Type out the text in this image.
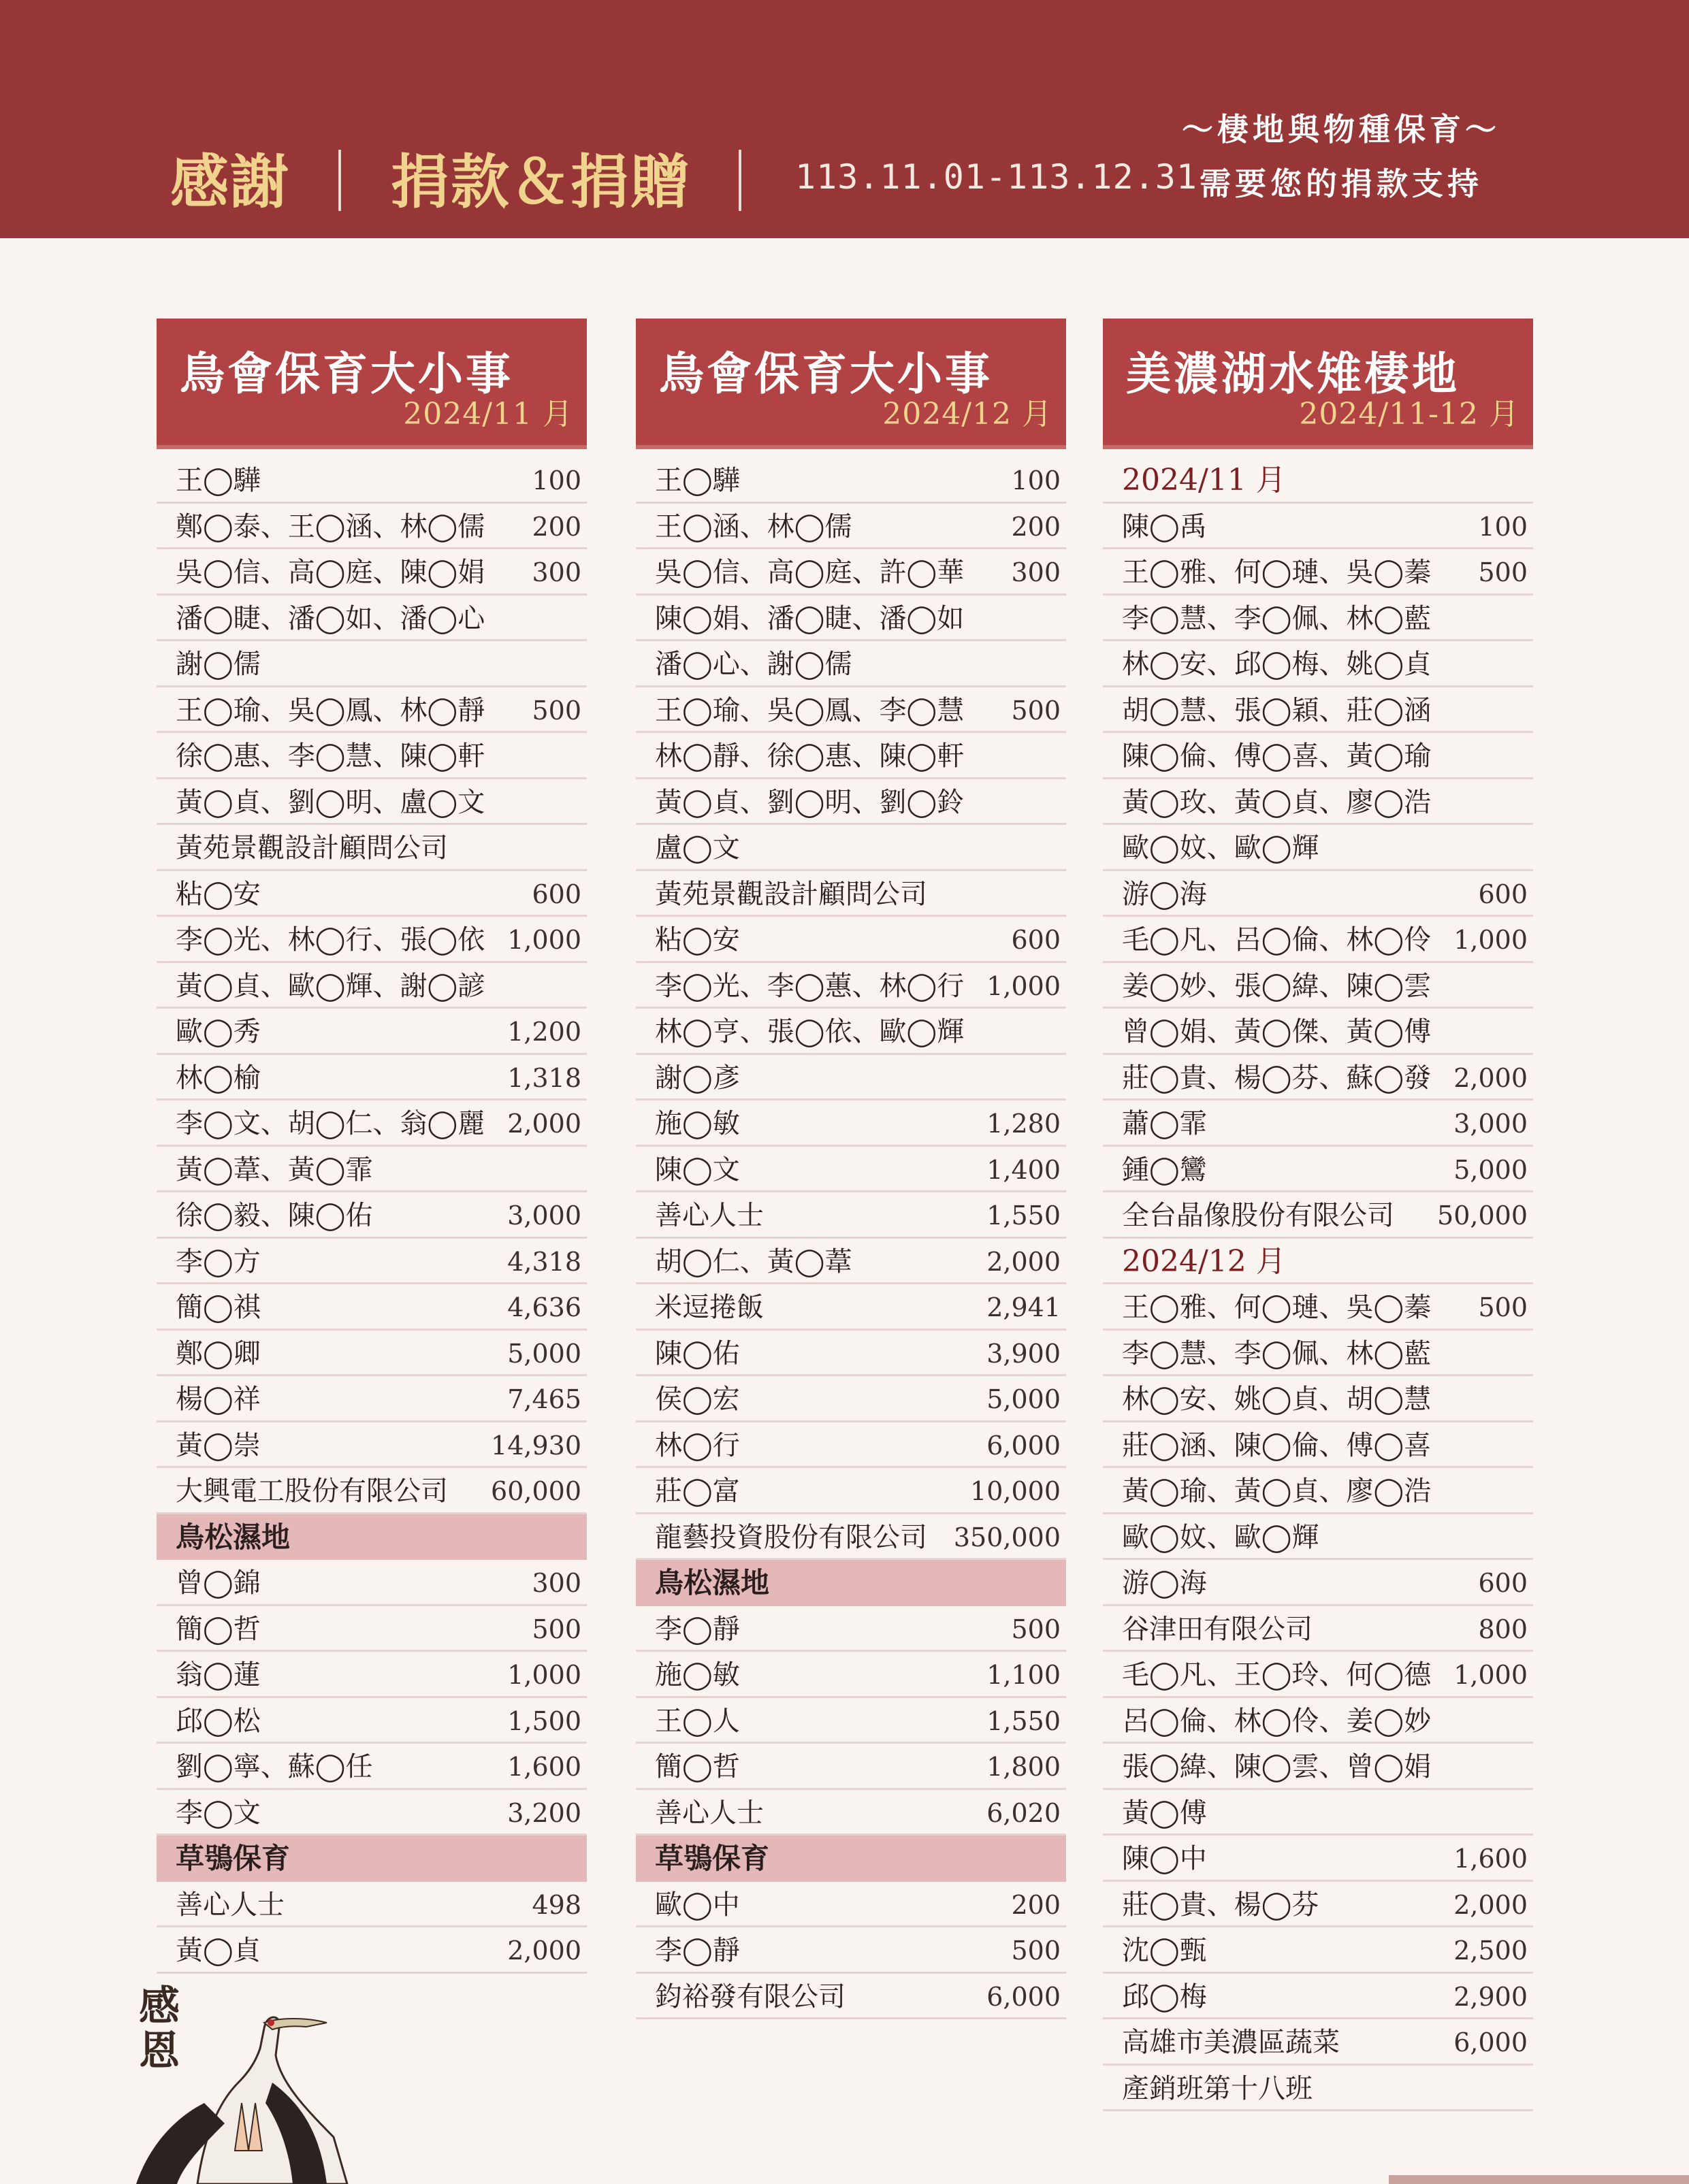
感謝 ｜ 捐款＆捐贈 ｜ 113.11.01-113.12.31
～棲地與物種保育～
需要您的捐款支持
鳥會保育大小事
2024/11 月
王◯驊	100
鄭◯泰、王◯涵、林◯儒 200
吳◯信、高◯庭、陳◯娟 300
潘◯睫、潘◯如、潘◯心
謝◯儒
王◯瑜、吳◯鳳、林◯靜 500
徐◯惠、李◯慧、陳◯軒
黃◯貞、劉◯明、盧◯文
黃苑景觀設計顧問公司
粘◯安	600
李◯光、林◯行、張◯依 1,000
黃◯貞、歐◯輝、謝◯諺
歐◯秀	1,200
林◯榆	1,318
李◯文、胡◯仁、翁◯麗 2,000
黃◯葦、黃◯霏
徐◯毅、陳◯佑	3,000
李◯方	4,318
簡◯祺	4,636
鄭◯卿	5,000
楊◯祥	7,465
黃◯崇	14,930
大興電工股份有限公司 60,000
鳥松濕地
曾◯錦	300
簡◯哲	500
翁◯蓮	1,000
邱◯松	1,500
劉◯寧、蘇◯任	1,600
李◯文	3,200
草鴞保育
善心人士	498
黃◯貞	2,000
鳥會保育大小事
2024/12 月
王◯驊	100
王◯涵、林◯儒	200
吳◯信、高◯庭、許◯華 300
陳◯娟、潘◯睫、潘◯如
潘◯心、謝◯儒
王◯瑜、吳◯鳳、李◯慧 500
林◯靜、徐◯惠、陳◯軒
黃◯貞、劉◯明、劉◯鈴
盧◯文
黃苑景觀設計顧問公司
粘◯安	600
李◯光、李◯蕙、林◯行 1,000
林◯亨、張◯依、歐◯輝
謝◯彥
施◯敏	1,280
陳◯文	1,400
善心人士	1,550
胡◯仁、黃◯葦	2,000
米逗捲飯	2,941
陳◯佑	3,900
侯◯宏	5,000
林◯行	6,000
莊◯富	10,000
龍藝投資股份有限公司 350,000
鳥松濕地
李◯靜	500
施◯敏	1,100
王◯人	1,550
簡◯哲	1,800
善心人士	6,020
草鴞保育
歐◯中	200
李◯靜	500
鈞裕發有限公司	6,000
美濃湖水雉棲地
2024/11-12 月
2024/11 月
陳◯禹	100
王◯雅、何◯璉、吳◯蓁 500
李◯慧、李◯佩、林◯藍
林◯安、邱◯梅、姚◯貞
胡◯慧、張◯穎、莊◯涵
陳◯倫、傅◯喜、黃◯瑜
黃◯玫、黃◯貞、廖◯浩
歐◯妏、歐◯輝
游◯海	600
毛◯凡、呂◯倫、林◯伶 1,000
姜◯妙、張◯緯、陳◯雲
曾◯娟、黃◯傑、黃◯傅
莊◯貴、楊◯芬、蘇◯發 2,000
蕭◯霏	3,000
鍾◯鸞	5,000
全台晶像股份有限公司 50,000
2024/12 月
王◯雅、何◯璉、吳◯蓁 500
李◯慧、李◯佩、林◯藍
林◯安、姚◯貞、胡◯慧
莊◯涵、陳◯倫、傅◯喜
黃◯瑜、黃◯貞、廖◯浩
歐◯妏、歐◯輝
游◯海	600
谷津田有限公司	800
毛◯凡、王◯玲、何◯德 1,000
呂◯倫、林◯伶、姜◯妙
張◯緯、陳◯雲、曾◯娟
黃◯傅
陳◯中	1,600
莊◯貴、楊◯芬	2,000
沈◯甄	2,500
邱◯梅	2,900
高雄市美濃區蔬菜	6,000
產銷班第十八班
感恩
